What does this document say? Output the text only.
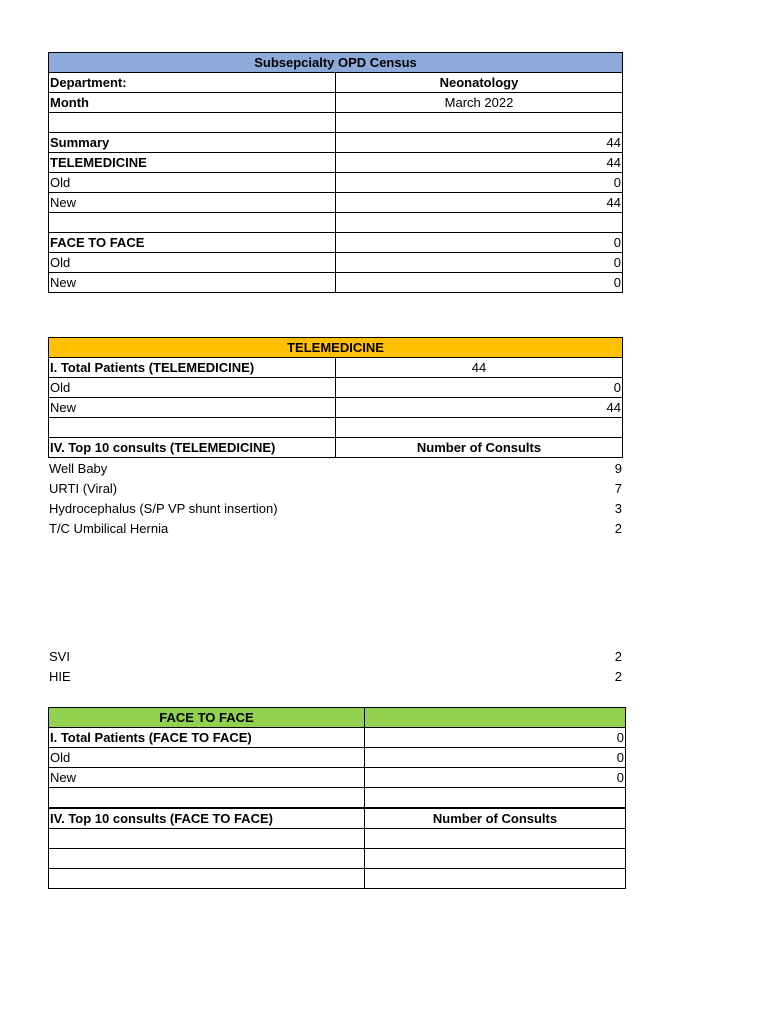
Subsepcialty OPD Census	
Department:	Neonatology
Month	March 2022

Summary	44
TELEMEDICINE	44
Old	0
New	44

FACE TO FACE	0
Old	0
New	0
TELEMEDICINE	
I. Total Patients (TELEMEDICINE)	44
Old	0
New	44

IV. Top 10 consults (TELEMEDICINE)	Number of Consults
Well Baby	9
URTI (Viral)	7
Hydrocephalus (S/P VP shunt insertion)	3
T/C Umbilical Hernia	2
SVI	2
HIE	2
FACE TO FACE	
I. Total Patients (FACE TO FACE)	0
Old	0
New	0

IV. Top 10 consults (FACE TO FACE)	Number of Consults
